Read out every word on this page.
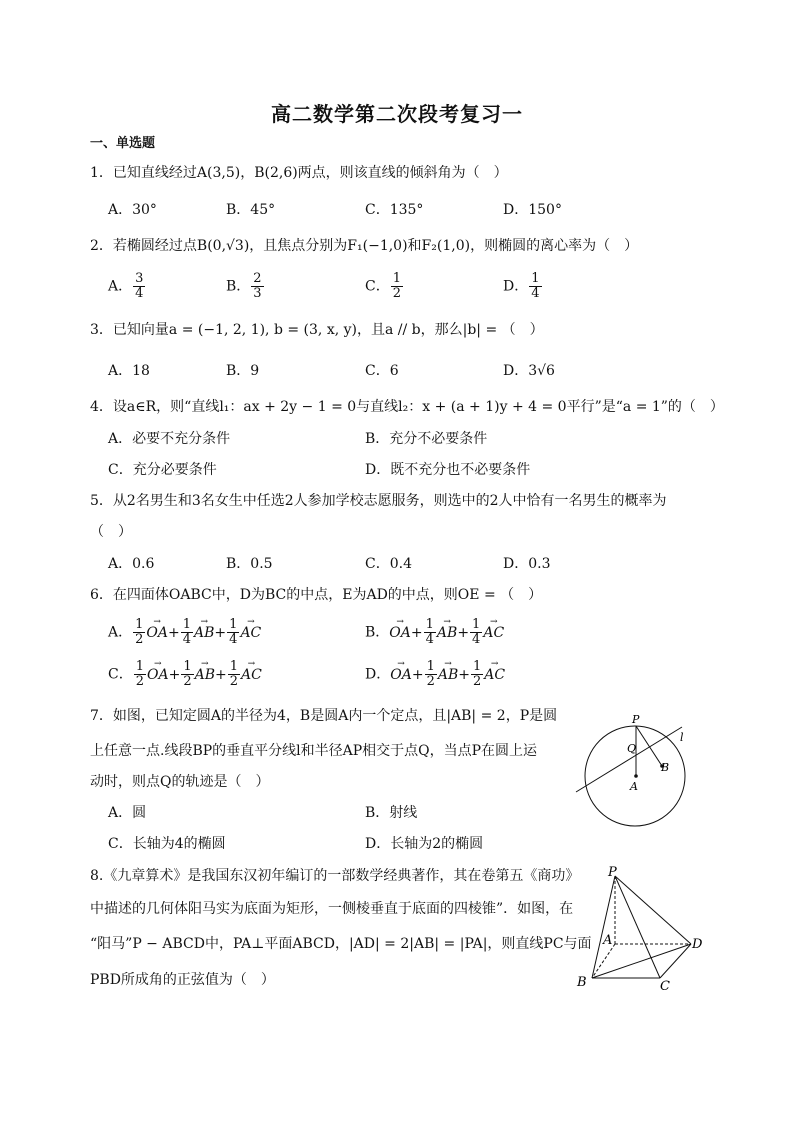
高二数学第二次段考复习一
一、单选题
1．已知直线经过A(3,5)，B(2,6)两点，则该直线的倾斜角为（　）
A．30°	B．45°	C．135°	D．150°
2．若椭圆经过点B(0,√3)，且焦点分别为F₁(−1,0)和F₂(1,0)，则椭圆的离心率为（　）
A． $\frac{3}{4}$	B． $\frac{2}{3}$	C． $\frac{1}{2}$	D． $\frac{1}{4}$
3．已知向量a = (−1, 2, 1), b = (3, x, y)，且a // b，那么|b| = （　）
A．18	B．9	C．6	D．3√6
4．设a∈R，则“直线l₁：ax + 2y − 1 = 0与直线l₂：x + (a + 1)y + 4 = 0平行”是“a = 1”的（　）
A．必要不充分条件	B．充分不必要条件
C．充分必要条件	D．既不充分也不必要条件
5．从2名男生和3名女生中任选2人参加学校志愿服务，则选中的2人中恰有一名男生的概率为
（　）
A．0.6	B．0.5	C．0.4	D．0.3
6．在四面体OABC中，D为BC的中点，E为AD的中点，则OE = （　）
A． $\frac{1}{2}$
→ $OA+ \frac{1}{4}$
→ $AB+ \frac{1}{4}$
→ AC	B．→ $OA+ \frac{1}{4}$
→ $AB+ \frac{1}{4}$
→ AC
C． $\frac{1}{2}$
→ $OA+ \frac{1}{2}$
→ $AB+ \frac{1}{2}$
→ AC	D．→ $OA+ \frac{1}{2}$
→ $AB+ \frac{1}{2}$
→ AC
7．如图，已知定圆A的半径为4，B是圆A内一个定点，且|AB| = 2，P是圆
上任意一点.线段BP的垂直平分线l和半径AP相交于点Q，当点P在圆上运
动时，则点Q的轨迹是（　）
A．圆	B．射线
C．长轴为4的椭圆	D．长轴为2的椭圆
P
Q
A
B
l
8.《九章算术》是我国东汉初年编订的一部数学经典著作，其在卷第五《商功》
中描述的几何体阳马实为底面为矩形，一侧棱垂直于底面的四棱锥”．如图，在
“阳马”P − ABCD中，PA⊥平面ABCD，|AD| = 2|AB| = |PA|，则直线PC与面
PBD所成角的正弦值为（　）
P
A
B	C
D
